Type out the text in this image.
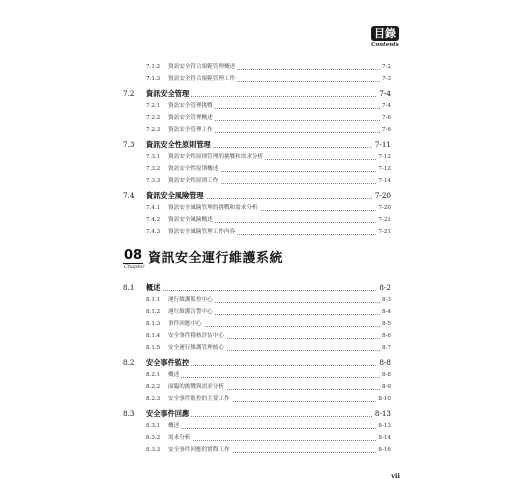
目錄
Contents
7.1.2 資訊安全符合規範管理概述	7-2
7.1.3 資訊安全符合規範管理工作	7-3
7.2 資訊安全管理	7-4
7.2.1 資訊安全管理挑戰	7-4
7.2.2 資訊安全管理概述	7-6
7.2.3 資訊安全管理工作	7-6
7.3 資訊安全性原則管理	7-11
7.3.1 資訊安全性原則管理的挑戰和需求分析	7-12
7.3.2 資訊安全性原則概述	7-12
7.3.3 資訊安全性原則工作	7-14
7.4 資訊安全風險管理	7-20
7.4.1 資訊安全風險管理的挑戰和需求分析	7-20
7.4.2 資訊安全風險概述	7-21
7.4.3 資訊安全風險管理工作內容	7-21
08
Chapter
資訊安全運行維護系統
8.1 概述	8-2
8.1.1 運行維護監控中心	8-3
8.1.2 運行維護告警中心	8-4
8.1.3 事件回應中心	8-5
8.1.4 安全事件稽核評估中心	8-6
8.1.5 安全運行維護管理核心	8-7
8.2 安全事件監控	8-8
8.2.1 概述	8-8
8.2.2 面臨的挑戰與需求分析	8-9
8.2.3 安全事件監控的主要工作	8-10
8.3 安全事件回應	8-13
8.3.1 概述	8-13
8.3.2 需求分析	8-14
8.3.3 安全事件回應的實際工作	8-16
vii
